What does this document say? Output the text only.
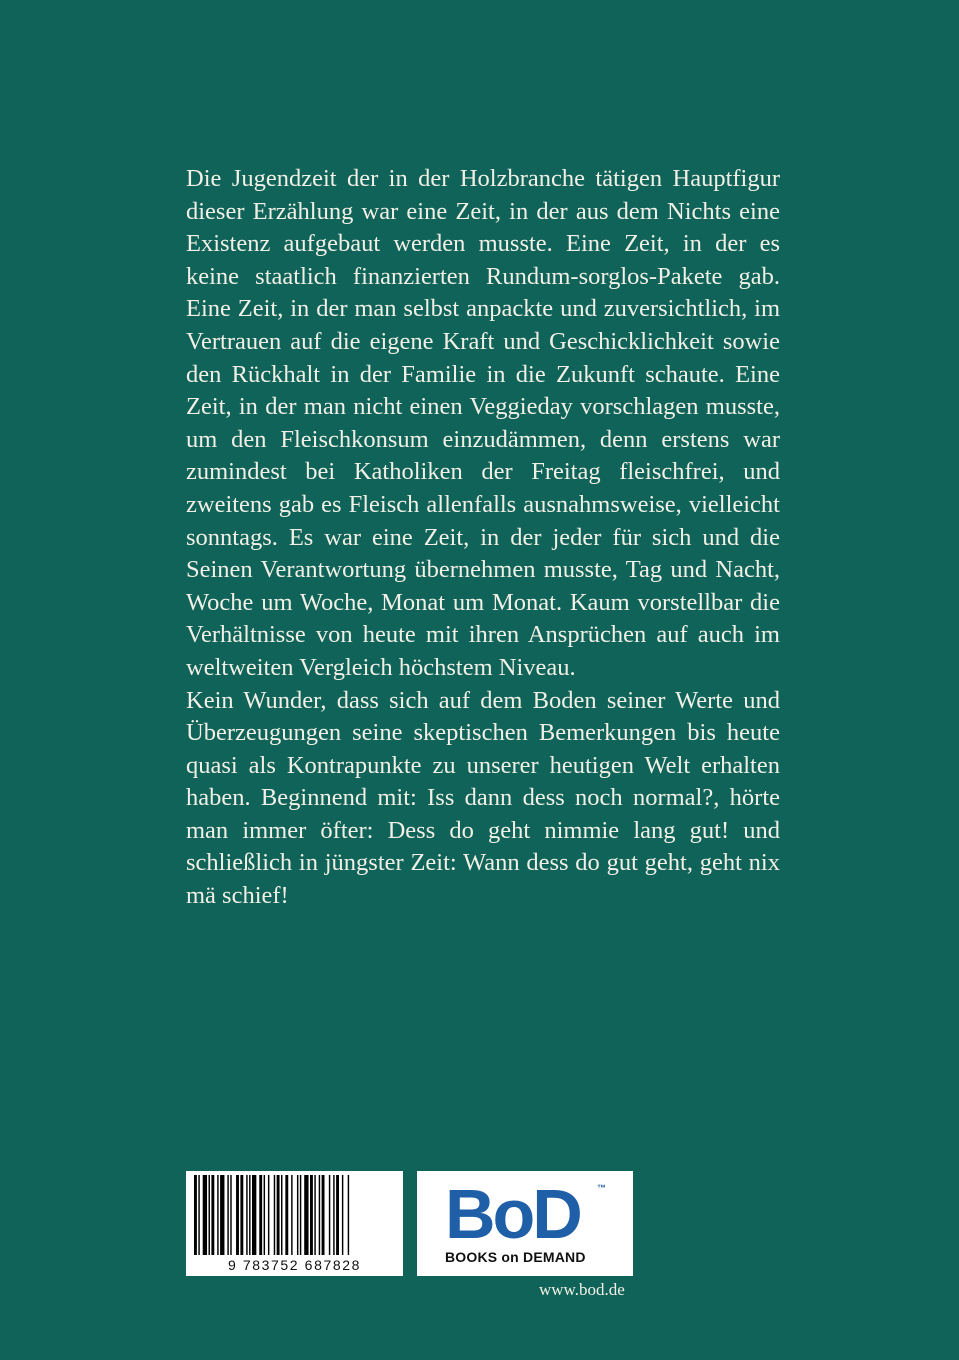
Die Jugendzeit der in der Holzbranche tätigen Hauptfigur dieser Erzählung war eine Zeit, in der aus dem Nichts eine Existenz aufgebaut werden musste. Eine Zeit, in der es keine staatlich finanzierten Rundum-sorglos-Pakete gab. Eine Zeit, in der man selbst anpackte und zuversichtlich, im Vertrauen auf die eigene Kraft und Geschicklichkeit sowie den Rückhalt in der Familie in die Zukunft schaute. Eine Zeit, in der man nicht einen Veggieday vorschlagen musste, um den Fleischkonsum einzudämmen, denn erstens war zumindest bei Katholiken der Freitag fleischfrei, und zweitens gab es Fleisch allenfalls ausnahmsweise, vielleicht sonntags. Es war eine Zeit, in der jeder für sich und die Seinen Verantwortung übernehmen musste, Tag und Nacht, Woche um Woche, Monat um Monat. Kaum vorstellbar die Verhältnisse von heute mit ihren Ansprüchen auf auch im weltweiten Vergleich höchstem Niveau.

Kein Wunder, dass sich auf dem Boden seiner Werte und Überzeugungen seine skeptischen Bemerkungen bis heute quasi als Kontrapunkte zu unserer heutigen Welt erhalten haben. Beginnend mit: Iss dann dess noch normal?, hörte man immer öfter: Dess do geht nimmie lang gut! und schließlich in jüngster Zeit: Wann dess do gut geht, geht nix mä schief!

9 783752 687828
BoD ™
BOOKS on DEMAND
www.bod.de
